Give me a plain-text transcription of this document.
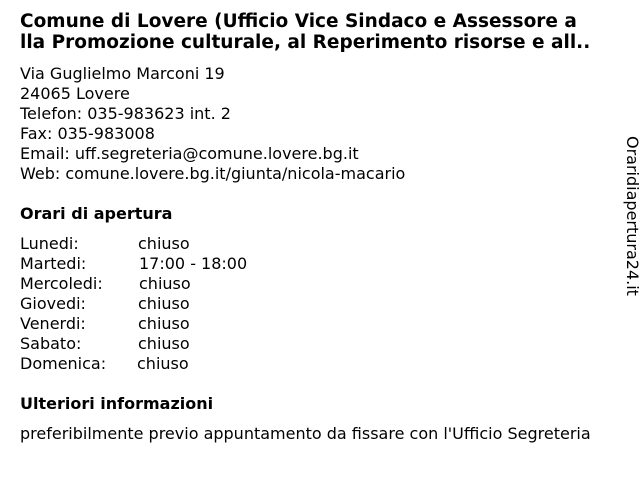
Comune di Lovere (Ufficio Vice Sindaco e Assessore a
lla Promozione culturale, al Reperimento risorse e all..
Via Guglielmo Marconi 19
24065 Lovere
Telefon: 035-983623 int. 2
Fax: 035-983008
Email: uff.segreteria@comune.lovere.bg.it
Web: comune.lovere.bg.it/giunta/nicola-macario
Orari di apertura
Lunedi:	chiuso
Martedi:	17:00 - 18:00
Mercoledi:	chiuso
Giovedi:	chiuso
Venerdi:	chiuso
Sabato:	chiuso
Domenica:	chiuso
Ulteriori informazioni
preferibilmente previo appuntamento da fissare con l'Ufficio Segreteria
Oraridiapertura24.it
